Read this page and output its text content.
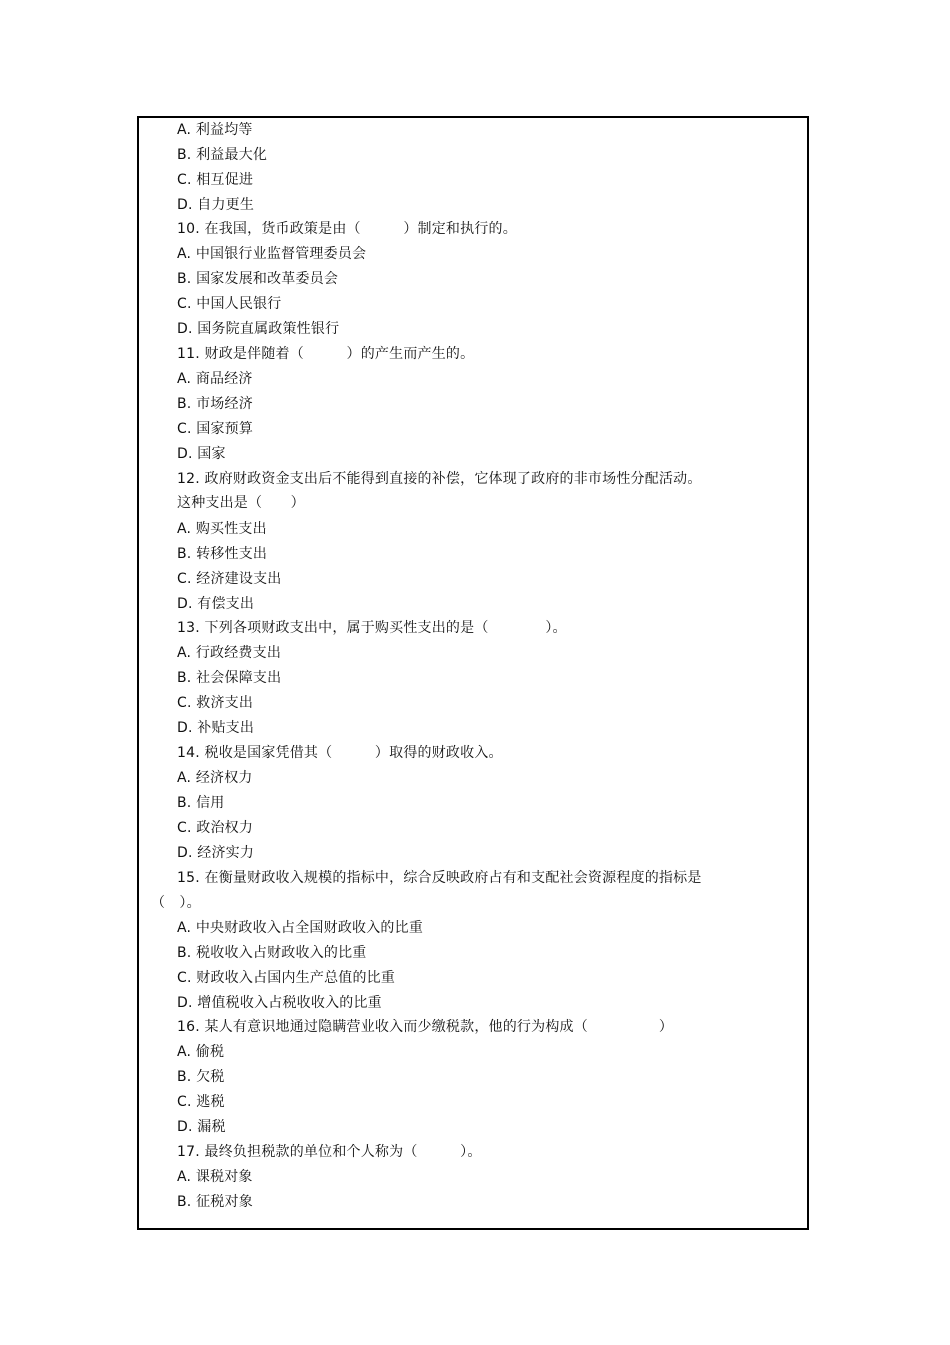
A. 利益均等
B. 利益最大化
C. 相互促进
D. 自力更生
10. 在我国，货币政策是由（　　　）制定和执行的。
A. 中国银行业监督管理委员会
B. 国家发展和改革委员会
C. 中国人民银行
D. 国务院直属政策性银行
11. 财政是伴随着（　　　）的产生而产生的。
A. 商品经济
B. 市场经济
C. 国家预算
D. 国家
12. 政府财政资金支出后不能得到直接的补偿，它体现了政府的非市场性分配活动。
这种支出是（　　）
A. 购买性支出
B. 转移性支出
C. 经济建设支出
D. 有偿支出
13. 下列各项财政支出中，属于购买性支出的是（　　　　）。
A. 行政经费支出
B. 社会保障支出
C. 救济支出
D. 补贴支出
14. 税收是国家凭借其（　　　）取得的财政收入。
A. 经济权力
B. 信用
C. 政治权力
D. 经济实力
15. 在衡量财政收入规模的指标中，综合反映政府占有和支配社会资源程度的指标是
（　）。
A. 中央财政收入占全国财政收入的比重
B. 税收收入占财政收入的比重
C. 财政收入占国内生产总值的比重
D. 增值税收入占税收收入的比重
16. 某人有意识地通过隐瞒营业收入而少缴税款，他的行为构成（　　　　　）
A. 偷税
B. 欠税
C. 逃税
D. 漏税
17. 最终负担税款的单位和个人称为（　　　）。
A. 课税对象
B. 征税对象
